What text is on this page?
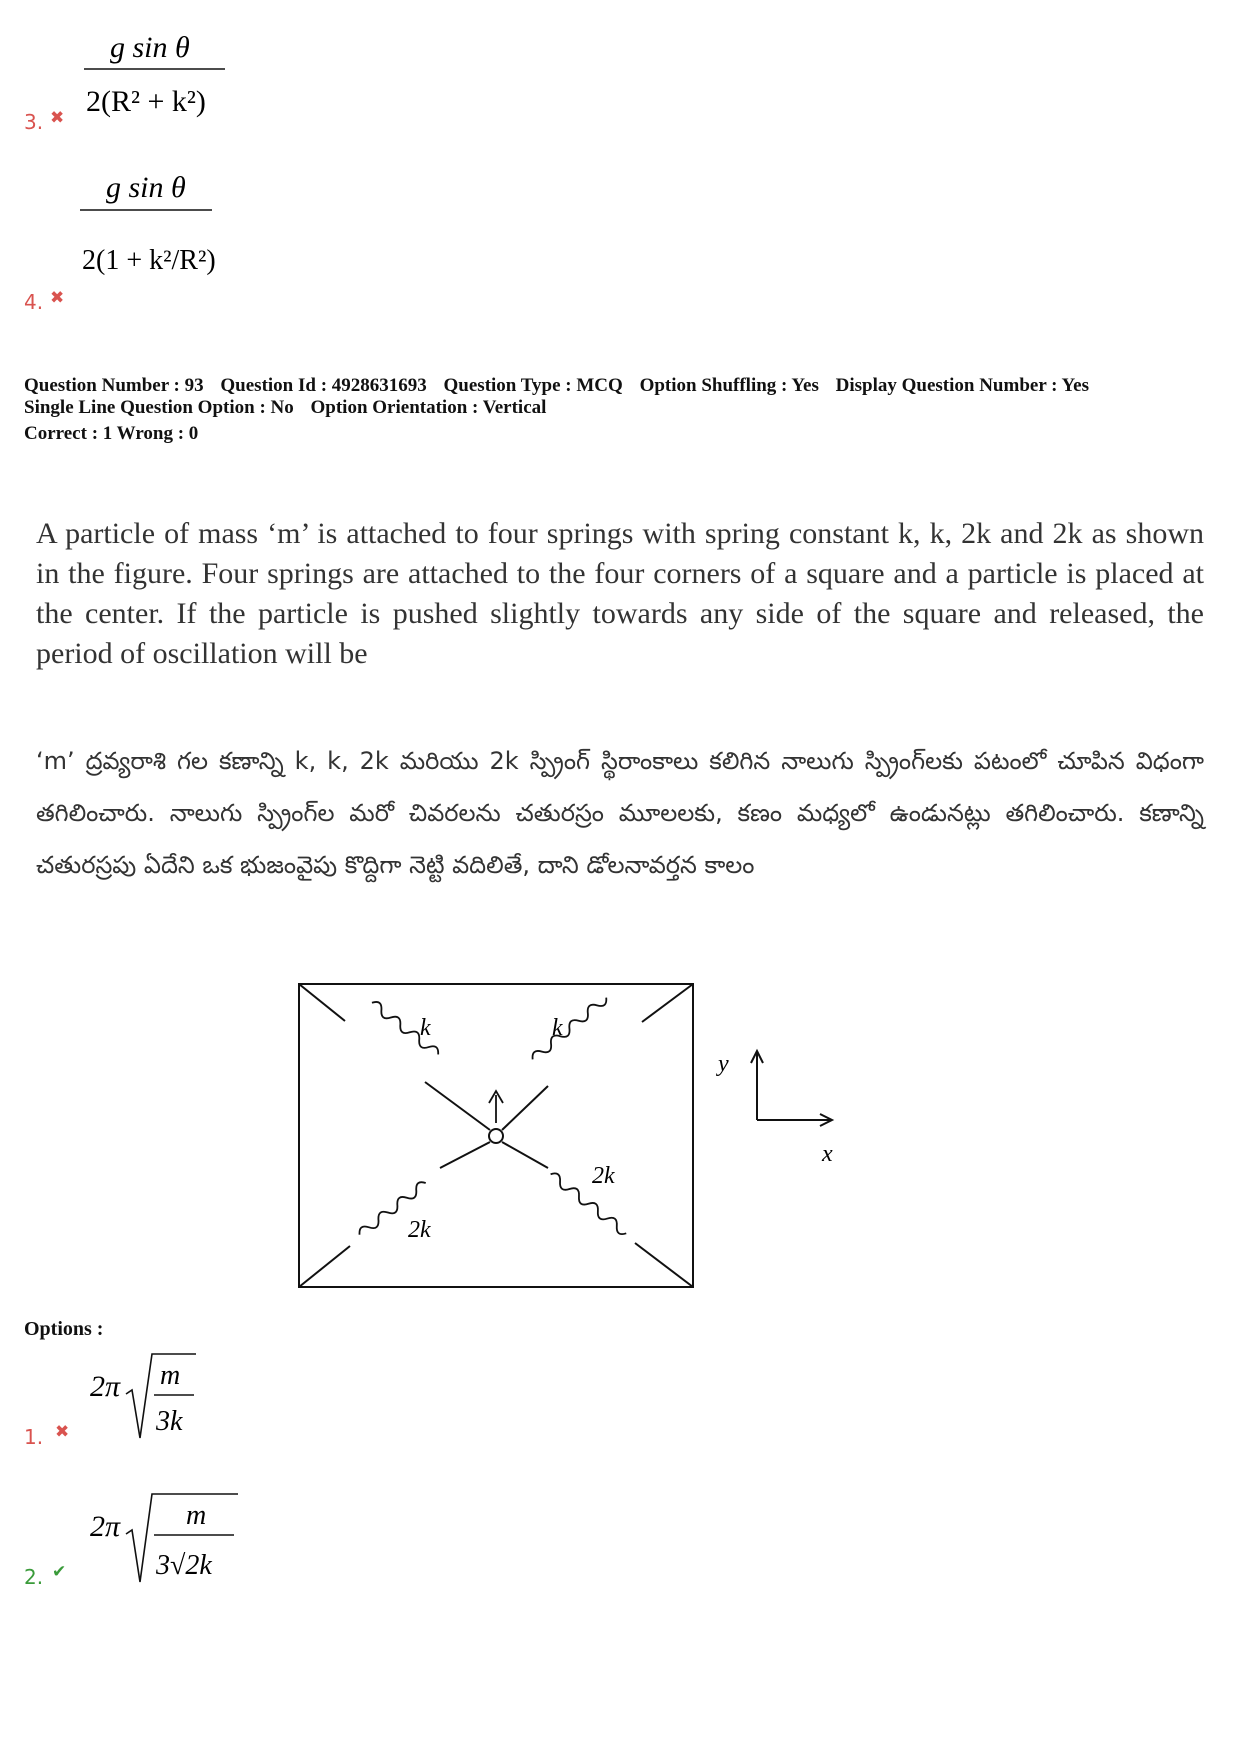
3. ✖
g sin θ
2(R² + k²)
4. ✖
g sin θ
2(1 + k²/R²)
Question Number : 93 Question Id : 4928631693 Question Type : MCQ Option Shuffling : Yes Display Question Number : Yes
Single Line Question Option : No Option Orientation : Vertical
Correct : 1 Wrong : 0
A particle of mass ‘m’ is attached to four springs with spring constant k, k, 2k and 2k as shown in the figure. Four springs are attached to the four corners of a square and a particle is placed at the center. If the particle is pushed slightly towards any side of the square and released, the period of oscillation will be
‘m’ ద్రవ్యరాశి గల కణాన్ని k, k, 2k మరియు 2k స్ప్రింగ్ స్థిరాంకాలు కలిగిన నాలుగు స్ప్రింగ్‌లకు పటంలో చూపిన విధంగా తగిలించారు. నాలుగు స్ప్రింగ్‌ల మరో చివరలను చతురస్రం మూలలకు, కణం మధ్యలో ఉండునట్లు తగిలించారు. కణాన్ని చతురస్రపు ఏదేని ఒక భుజంవైపు కొద్దిగా నెట్టి వదిలితే, దాని డోలనావర్తన కాలం
k	k
2k
2k
y
x
Options :
1. ✖
2π m
3k
2. ✔
2π m
3√2k
